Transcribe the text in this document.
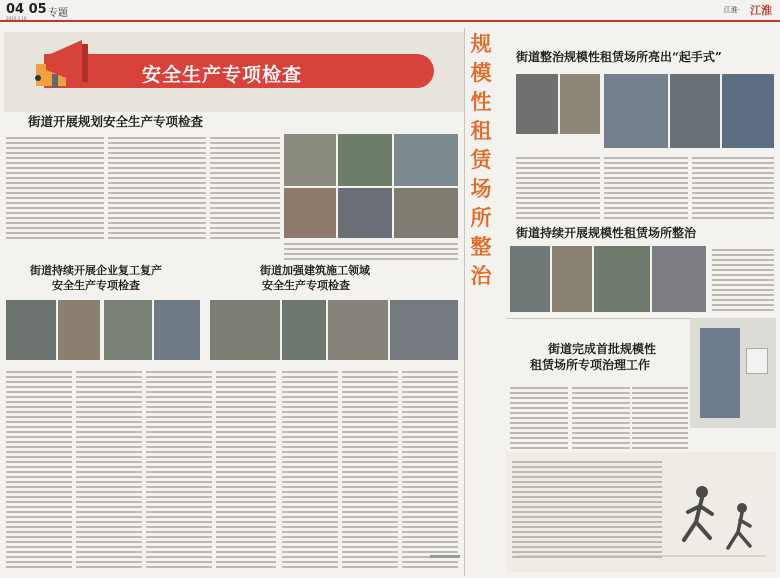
04 05 专题
2020.4.10
江淮· 江淮
安全生产专项检查
街道开展规划安全生产专项检查
街道持续开展企业复工复产
安全生产专项检查
街道加强建筑施工领域
安全生产专项检查
规
模
性
租
赁
场
所
整
治
街道整治规模性租赁场所亮出“起手式”
街道持续开展规模性租赁场所整治
街道完成首批规模性
租赁场所专项治理工作
